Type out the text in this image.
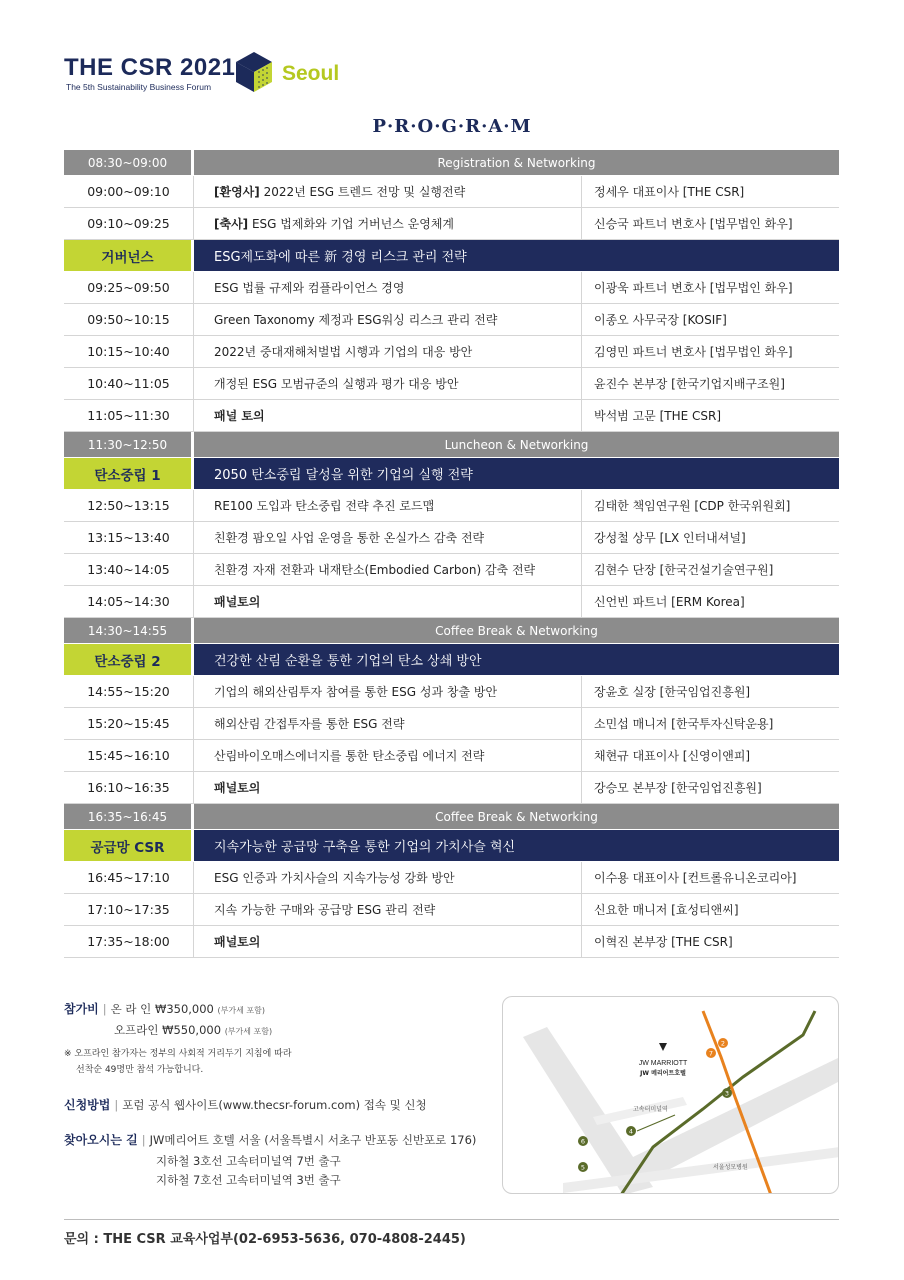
THE CSR 2021
The 5th Sustainability Business Forum
Seoul
P·R·O·G·R·A·M
08:30~09:00	Registration & Networking
09:00~09:10	[환영사] 2022년 ESG 트렌드 전망 및 실행전략	정세우 대표이사 [THE CSR]
09:10~09:25	[축사] ESG 법제화와 기업 거버넌스 운영체계	신승국 파트너 변호사 [법무법인 화우]
거버넌스	ESG제도화에 따른 新 경영 리스크 관리 전략
09:25~09:50	ESG 법률 규제와 컴플라이언스 경영	이광욱 파트너 변호사 [법무법인 화우]
09:50~10:15	Green Taxonomy 제정과 ESG워싱 리스크 관리 전략	이종오 사무국장 [KOSIF]
10:15~10:40	2022년 중대재해처벌법 시행과 기업의 대응 방안	김영민 파트너 변호사 [법무법인 화우]
10:40~11:05	개정된 ESG 모범규준의 실행과 평가 대응 방안	윤진수 본부장 [한국기업지배구조원]
11:05~11:30	패널 토의	박석범 고문 [THE CSR]
11:30~12:50	Luncheon & Networking
탄소중립 1	2050 탄소중립 달성을 위한 기업의 실행 전략
12:50~13:15	RE100 도입과 탄소중립 전략 추진 로드맵	김태한 책임연구원 [CDP 한국위원회]
13:15~13:40	친환경 팜오일 사업 운영을 통한 온실가스 감축 전략	강성철 상무 [LX 인터내셔널]
13:40~14:05	친환경 자재 전환과 내재탄소(Embodied Carbon) 감축 전략	김현수 단장 [한국건설기술연구원]
14:05~14:30	패널토의	신언빈 파트너 [ERM Korea]
14:30~14:55	Coffee Break & Networking
탄소중립 2	건강한 산림 순환을 통한 기업의 탄소 상쇄 방안
14:55~15:20	기업의 해외산림투자 참여를 통한 ESG 성과 창출 방안	장윤호 실장 [한국임업진흥원]
15:20~15:45	해외산림 간접투자를 통한 ESG 전략	소민섭 매니저 [한국투자신탁운용]
15:45~16:10	산림바이오매스에너지를 통한 탄소중립 에너지 전략	채현규 대표이사 [신영이앤피]
16:10~16:35	패널토의	강승모 본부장 [한국임업진흥원]
16:35~16:45	Coffee Break & Networking
공급망 CSR	지속가능한 공급망 구축을 통한 기업의 가치사슬 혁신
16:45~17:10	ESG 인증과 가치사슬의 지속가능성 강화 방안	이수용 대표이사 [컨트롤유니온코리아]
17:10~17:35	지속 가능한 구매와 공급망 ESG 관리 전략	신요한 매니저 [효성티앤씨]
17:35~18:00	패널토의	이혁진 본부장 [THE CSR]
참가비 | 온 라 인 ₩350,000 (부가세 포함)
오프라인 ₩550,000 (부가세 포함)
※ 오프라인 참가자는 정부의 사회적 거리두기 지침에 따라
선착순 49명만 참석 가능합니다.
신청방법 | 포럼 공식 웹사이트(www.thecsr-forum.com) 접속 및 신청
찾아오시는 길 | JW메리어트 호텔 서울 (서울특별시 서초구 반포동 신반포로 176)
지하철 3호선 고속터미널역 7번 출구
지하철 7호선 고속터미널역 3번 출구
JW MARRIOTT
JW 메리어트호텔
고속터미널역
서울성모병원
2
7
3
4
6
5
문의 : THE CSR 교육사업부(02-6953-5636, 070-4808-2445)
